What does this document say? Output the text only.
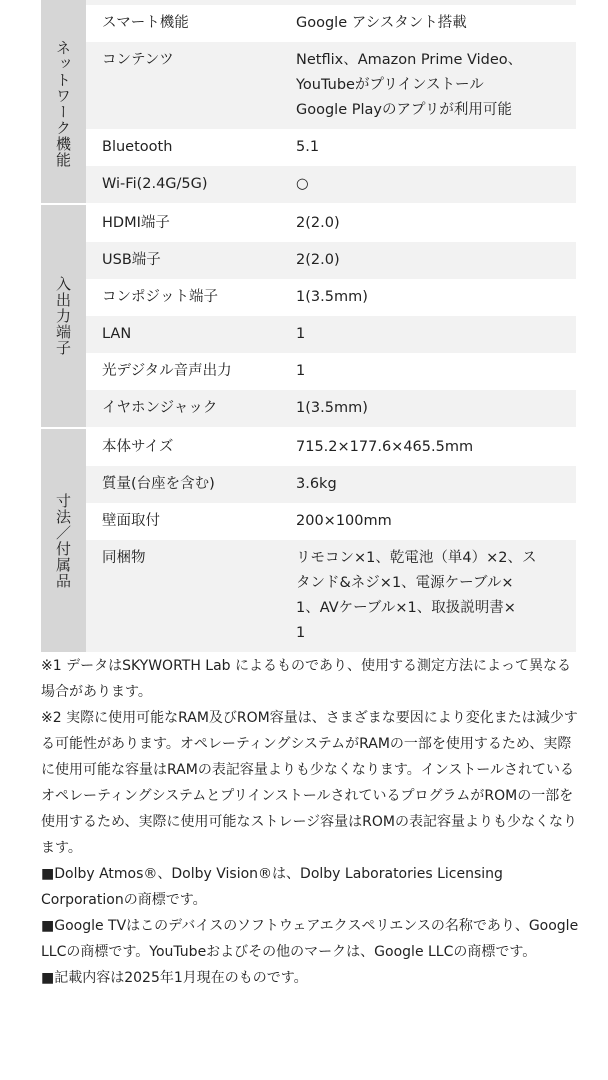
ネットワーク機能
スマート機能	Google アシスタント搭載
コンテンツ	Netflix、Amazon Prime Video、
YouTubeがプリインストール
Google Playのアプリが利用可能
Bluetooth	5.1
Wi-Fi(2.4G/5G)	○
入出力端子
HDMI端子	2(2.0)
USB端子	2(2.0)
コンポジット端子	1(3.5mm)
LAN	1
光デジタル音声出力	1
イヤホンジャック	1(3.5mm)
寸法／付属品
本体サイズ	715.2×177.6×465.5mm
質量(台座を含む)	3.6kg
壁面取付	200×100mm
同梱物	リモコン×1、乾電池（単4）×2、ス
タンド&ネジ×1、電源ケーブル×
1、AVケーブル×1、取扱説明書×
1

※1 データはSKYWORTH Lab によるものであり、使用する測定方法によって異なる場合があります。

※2 実際に使用可能なRAM及びROM容量は、さまざまな要因により変化または減少する可能性があります。オペレーティングシステムがRAMの一部を使用するため、実際に使用可能な容量はRAMの表記容量よりも少なくなります。インストールされているオペレーティングシステムとプリインストールされているプログラムがROMの一部を使用するため、実際に使用可能なストレージ容量はROMの表記容量よりも少なくなります。

■Dolby Atmos®、Dolby Vision®は、Dolby Laboratories Licensing Corporationの商標です。

■Google TVはこのデバイスのソフトウェアエクスペリエンスの名称であり、Google LLCの商標です。YouTubeおよびその他のマークは、Google LLCの商標です。

■記載内容は2025年1月現在のものです。
